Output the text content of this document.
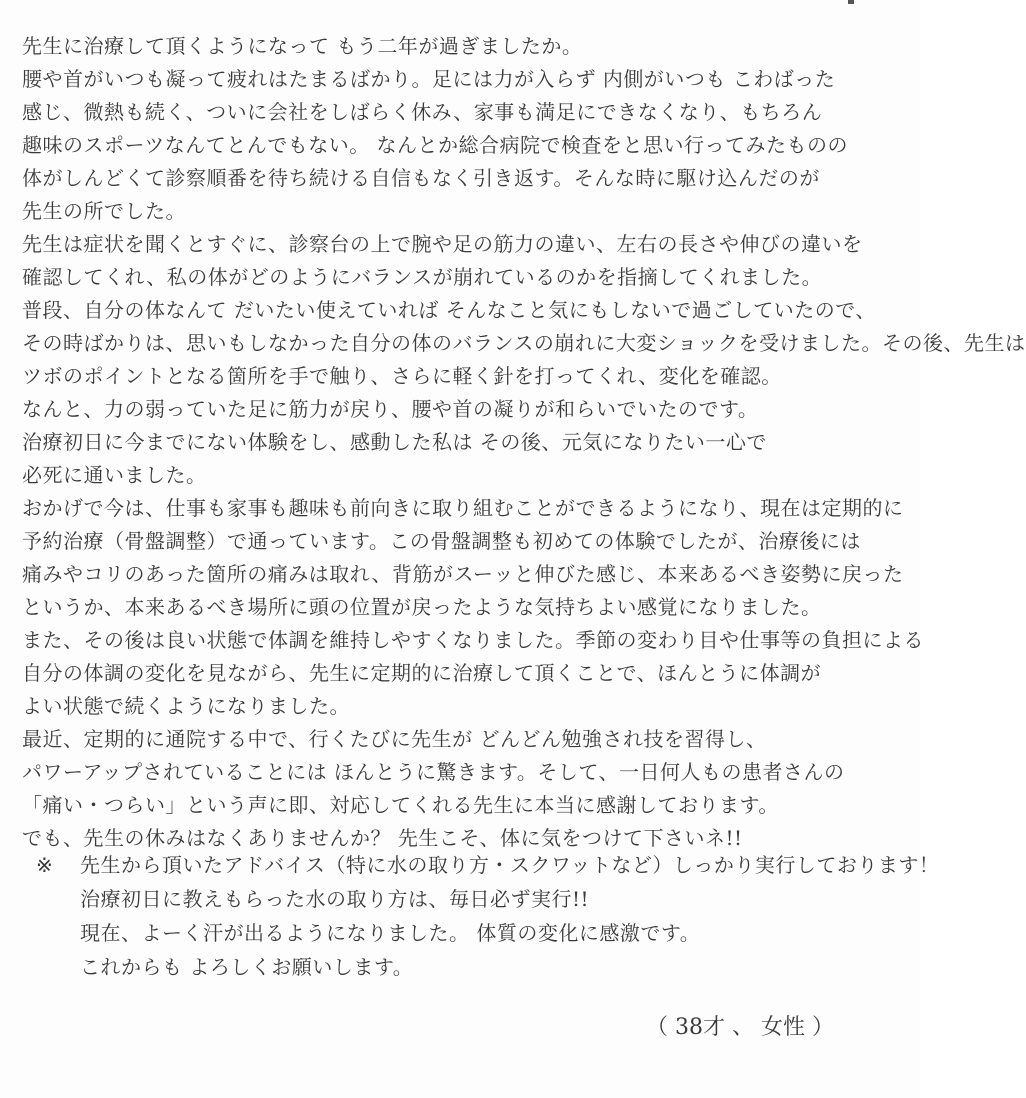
先生に治療して頂くようになって もう二年が過ぎましたか。
腰や首がいつも凝って疲れはたまるばかり。足には力が入らず 内側がいつも こわばった
感じ、微熱も続く、ついに会社をしばらく休み、家事も満足にできなくなり、もちろん
趣味のスポーツなんてとんでもない。 なんとか総合病院で検査をと思い行ってみたものの
体がしんどくて診察順番を待ち続ける自信もなく引き返す。そんな時に駆け込んだのが
先生の所でした。
先生は症状を聞くとすぐに、診察台の上で腕や足の筋力の違い、左右の長さや伸びの違いを
確認してくれ、私の体がどのようにバランスが崩れているのかを指摘してくれました。
普段、自分の体なんて だいたい使えていれば そんなこと気にもしないで過ごしていたので、
その時ばかりは、思いもしなかった自分の体のバランスの崩れに大変ショックを受けました。その後、先生は
ツボのポイントとなる箇所を手で触り、さらに軽く針を打ってくれ、変化を確認。
なんと、力の弱っていた足に筋力が戻り、腰や首の凝りが和らいでいたのです。
治療初日に今までにない体験をし、感動した私は その後、元気になりたい一心で
必死に通いました。
おかげで今は、仕事も家事も趣味も前向きに取り組むことができるようになり、現在は定期的に
予約治療（骨盤調整）で通っています。この骨盤調整も初めての体験でしたが、治療後には
痛みやコリのあった箇所の痛みは取れ、背筋がスーッと伸びた感じ、本来あるべき姿勢に戻った
というか、本来あるべき場所に頭の位置が戻ったような気持ちよい感覚になりました。
また、その後は良い状態で体調を維持しやすくなりました。季節の変わり目や仕事等の負担による
自分の体調の変化を見ながら、先生に定期的に治療して頂くことで、ほんとうに体調が
よい状態で続くようになりました。
最近、定期的に通院する中で、行くたびに先生が どんどん勉強され技を習得し、
パワーアップされていることには ほんとうに驚きます。そして、一日何人もの患者さんの
「痛い・つらい」という声に即、対応してくれる先生に本当に感謝しております。
でも、先生の休みはなくありませんか？ 先生こそ、体に気をつけて下さいネ!!
※ 先生から頂いたアドバイス（特に水の取り方・スクワットなど）しっかり実行しております！
治療初日に教えもらった水の取り方は、毎日必ず実行!!
現在、よーく汗が出るようになりました。 体質の変化に感激です。
これからも よろしくお願いします。
（ 38才 、 女性 ）
